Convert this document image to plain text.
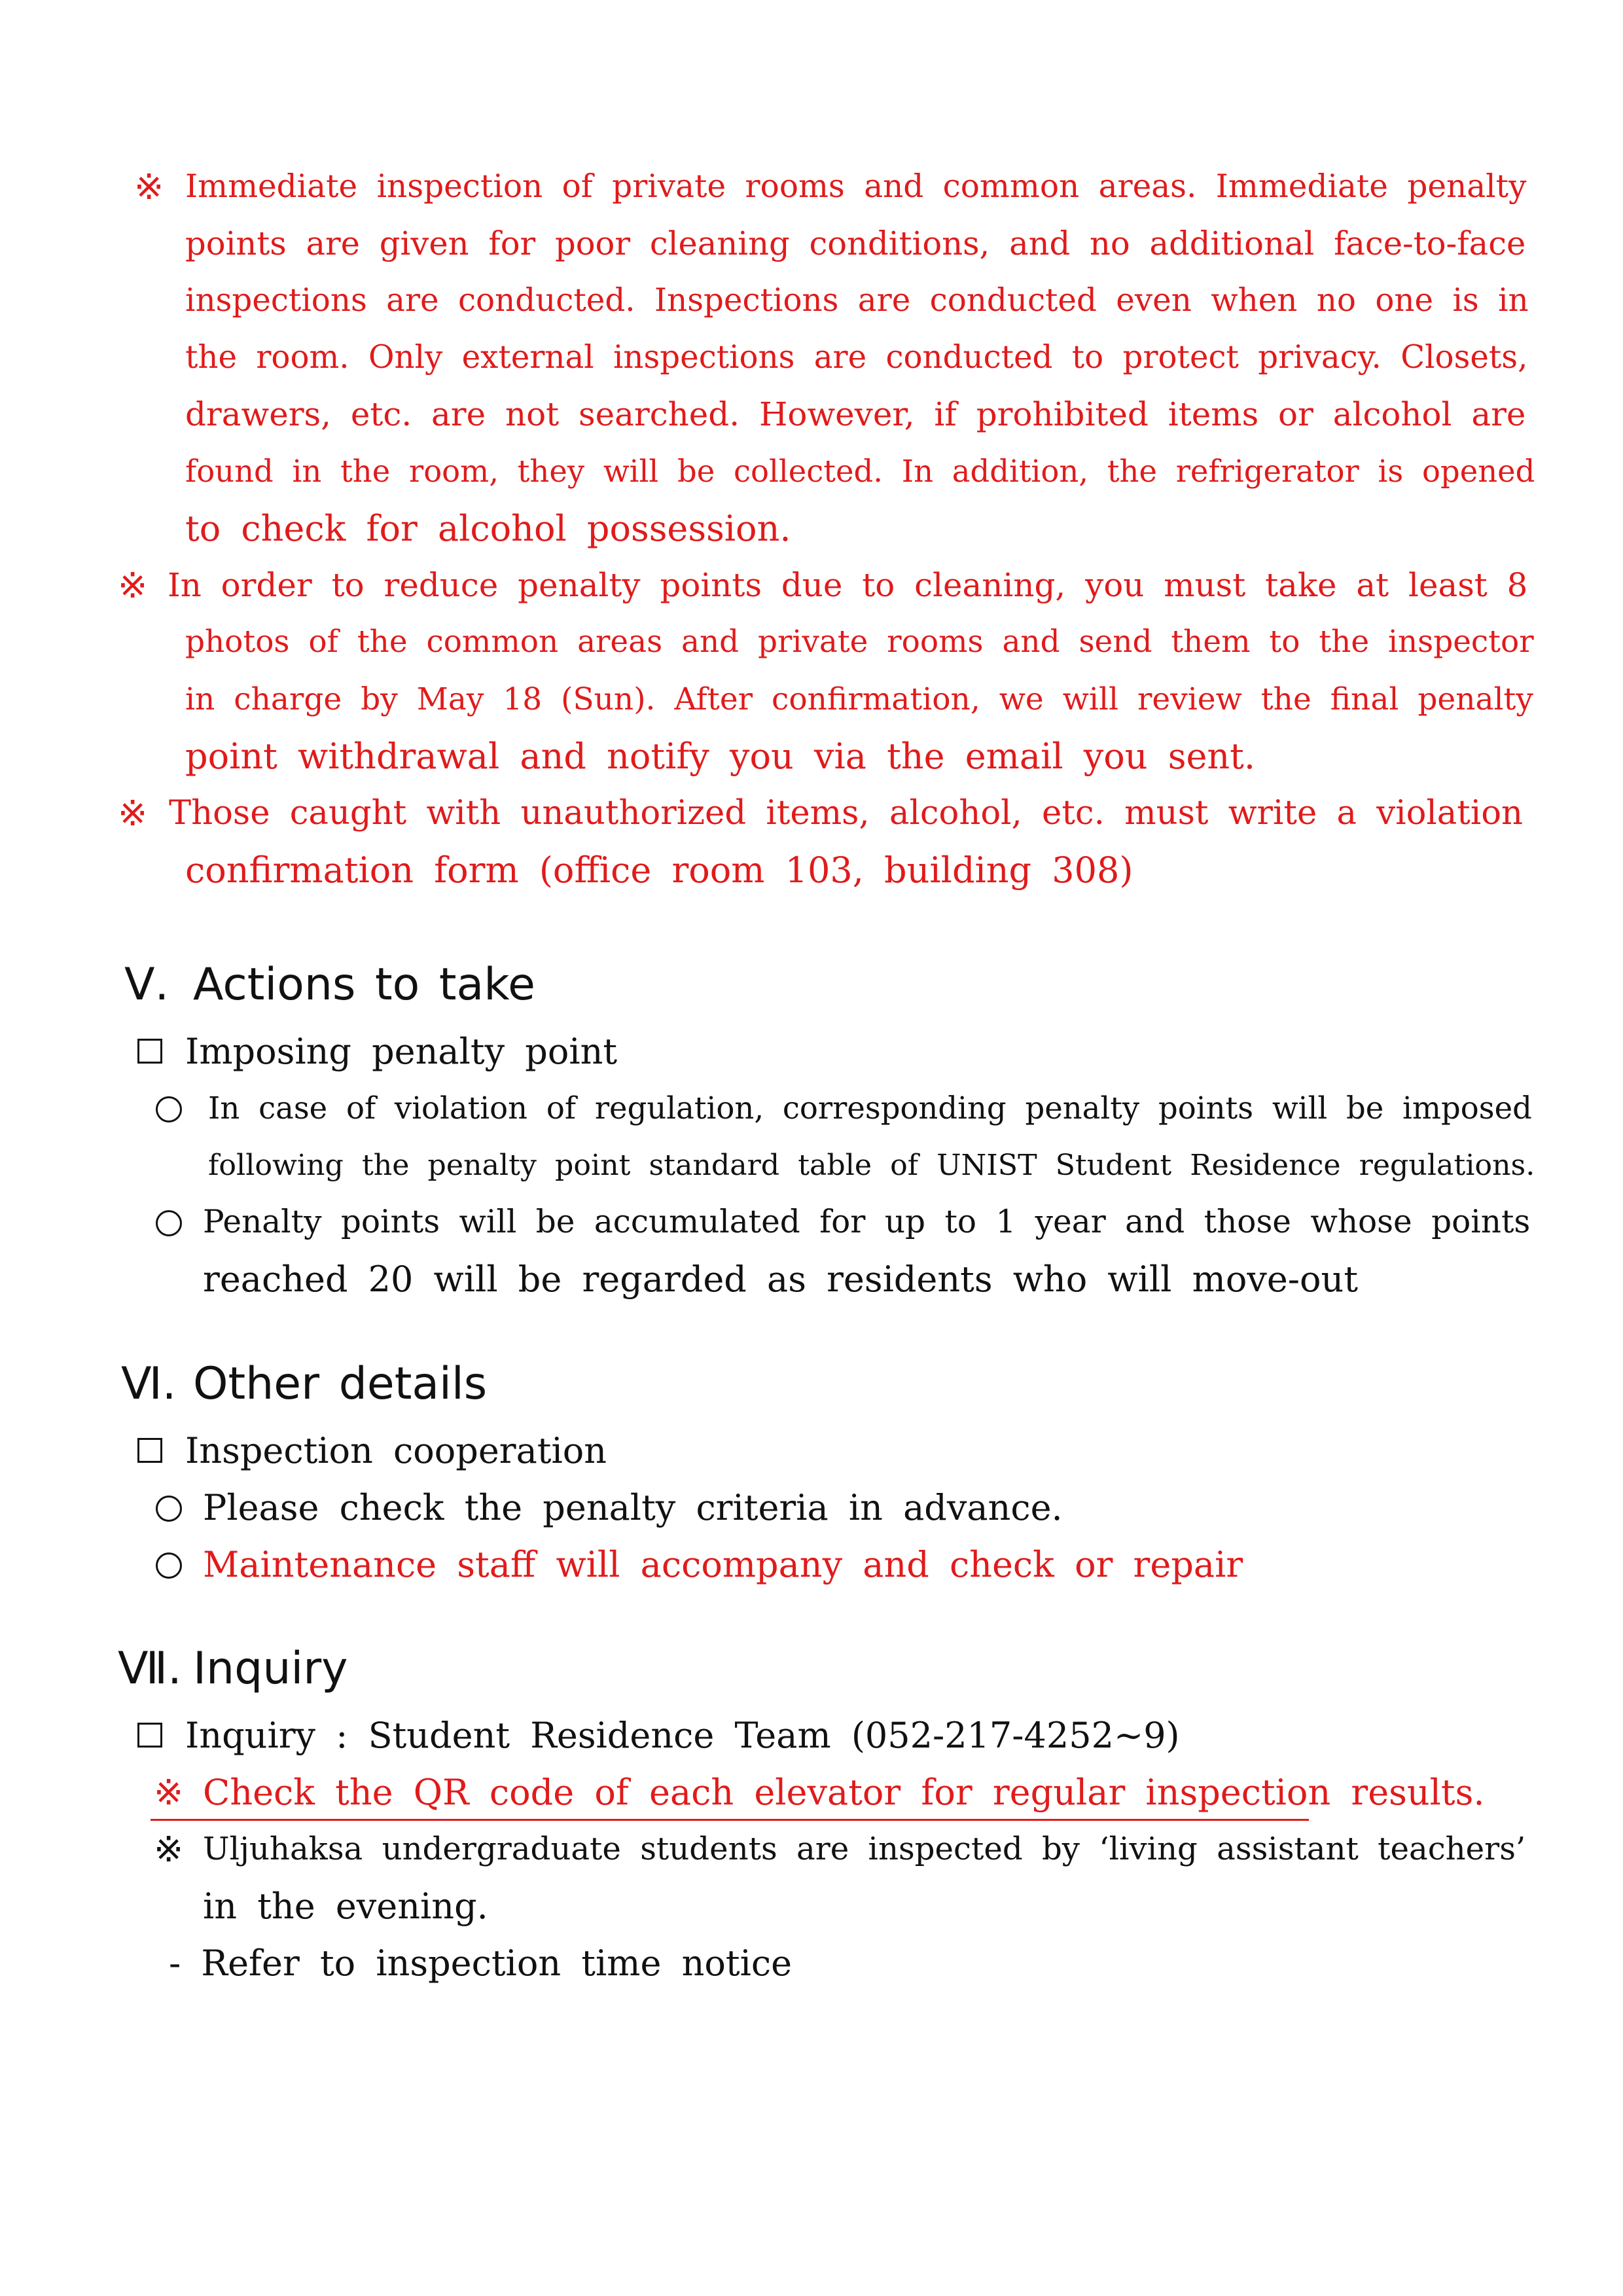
※ Immediate inspection of private rooms and common areas. Immediate penalty
points are given for poor cleaning conditions, and no additional face-to-face
inspections are conducted. Inspections are conducted even when no one is in
the room. Only external inspections are conducted to protect privacy. Closets,
drawers, etc. are not searched. However, if prohibited items or alcohol are
found in the room, they will be collected. In addition, the refrigerator is opened
to check for alcohol possession.
※ In order to reduce penalty points due to cleaning, you must take at least 8
photos of the common areas and private rooms and send them to the inspector
in charge by May 18 (Sun). After confirmation, we will review the final penalty
point withdrawal and notify you via the email you sent.
※ Those caught with unauthorized items, alcohol, etc. must write a violation
confirmation form (office room 103, building 308)
Ⅴ. Actions to take
Imposing penalty point
In case of violation of regulation, corresponding penalty points will be imposed
following the penalty point standard table of UNIST Student Residence regulations.
Penalty points will be accumulated for up to 1 year and those whose points
reached 20 will be regarded as residents who will move-out
Ⅵ. Other details
Inspection cooperation
Please check the penalty criteria in advance.
Maintenance staff will accompany and check or repair
Ⅶ. Inquiry
Inquiry : Student Residence Team (052-217-4252~9)
※ Check the QR code of each elevator for regular inspection results.
※ Uljuhaksa undergraduate students are inspected by ‘living assistant teachers’
in the evening.
- Refer to inspection time notice
